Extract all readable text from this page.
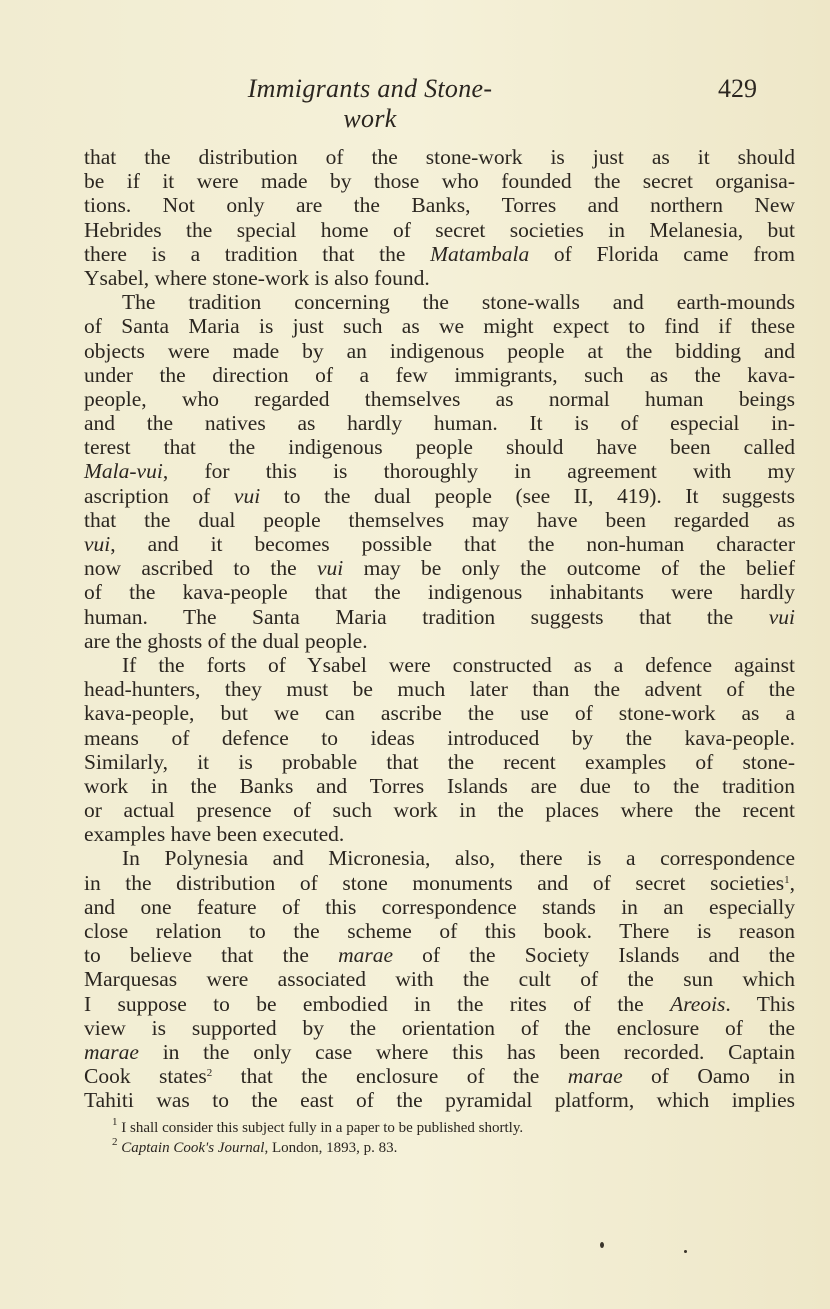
Immigrants and Stone-work
429
that the distribution of the stone-work is just as it should
be if it were made by those who founded the secret organisa-
tions. Not only are the Banks, Torres and northern New
Hebrides the special home of secret societies in Melanesia, but
there is a tradition that the Matambala of Florida came from
Ysabel, where stone-work is also found.
The tradition concerning the stone-walls and earth-mounds
of Santa Maria is just such as we might expect to find if these
objects were made by an indigenous people at the bidding and
under the direction of a few immigrants, such as the kava-
people, who regarded themselves as normal human beings
and the natives as hardly human. It is of especial in-
terest that the indigenous people should have been called
Mala-vui, for this is thoroughly in agreement with my
ascription of vui to the dual people (see II, 419). It suggests
that the dual people themselves may have been regarded as
vui, and it becomes possible that the non-human character
now ascribed to the vui may be only the outcome of the belief
of the kava-people that the indigenous inhabitants were hardly
human. The Santa Maria tradition suggests that the vui
are the ghosts of the dual people.
If the forts of Ysabel were constructed as a defence against
head-hunters, they must be much later than the advent of the
kava-people, but we can ascribe the use of stone-work as a
means of defence to ideas introduced by the kava-people.
Similarly, it is probable that the recent examples of stone-
work in the Banks and Torres Islands are due to the tradition
or actual presence of such work in the places where the recent
examples have been executed.
In Polynesia and Micronesia, also, there is a correspondence
in the distribution of stone monuments and of secret societies$^1$,
and one feature of this correspondence stands in an especially
close relation to the scheme of this book. There is reason
to believe that the marae of the Society Islands and the
Marquesas were associated with the cult of the sun which
I suppose to be embodied in the rites of the Areois. This
view is supported by the orientation of the enclosure of the
marae in the only case where this has been recorded. Captain
Cook states$^2$ that the enclosure of the marae of Oamo in
Tahiti was to the east of the pyramidal platform, which implies
$^1$ I shall consider this subject fully in a paper to be published shortly.
$^2$ Captain Cook's Journal, London, 1893, p. 83.
